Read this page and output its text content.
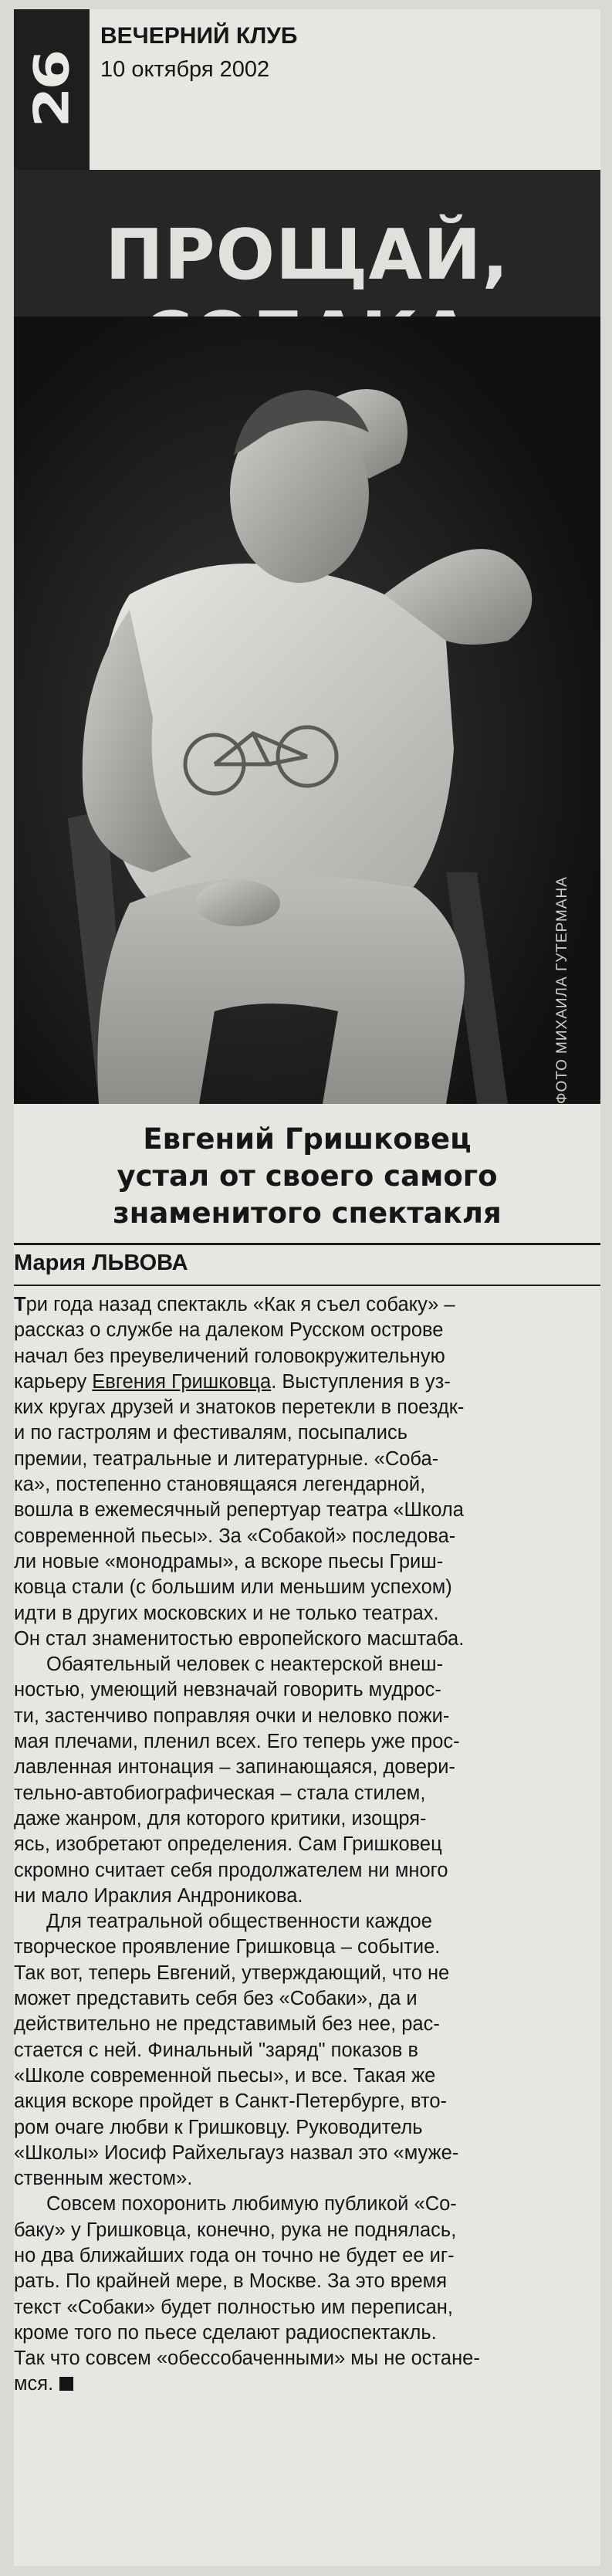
26
ВЕЧЕРНИЙ КЛУБ
10 октября 2002
ПРОЩАЙ,
ФОТО МИХАИЛА ГУТЕРМАНА
Евгений Гришковец
устал от своего самого
знаменитого спектакля
Мария ЛЬВОВА
Три года назад спектакль «Как я съел собаку» –
рассказ о службе на далеком Русском острове
начал без преувеличений головокружительную
карьеру Евгения Гришковца. Выступления в уз-
ких кругах друзей и знатоков перетекли в поездк-
и по гастролям и фестивалям, посыпались
премии, театральные и литературные. «Соба-
ка», постепенно становящаяся легендарной,
вошла в ежемесячный репертуар театра «Школа
современной пьесы». За «Собакой» последова-
ли новые «монодрамы», а вскоре пьесы Гриш-
ковца стали (с большим или меньшим успехом)
идти в других московских и не только театрах.
Он стал знаменитостью европейского масштаба.
Обаятельный человек с неактерской внеш-
ностью, умеющий невзначай говорить мудрос-
ти, застенчиво поправляя очки и неловко пожи-
мая плечами, пленил всех. Его теперь уже прос-
лавленная интонация – запинающаяся, довери-
тельно-автобиографическая – стала стилем,
даже жанром, для которого критики, изощря-
ясь, изобретают определения. Сам Гришковец
скромно считает себя продолжателем ни много
ни мало Ираклия Андроникова.
Для театральной общественности каждое
творческое проявление Гришковца – событие.
Так вот, теперь Евгений, утверждающий, что не
может представить себя без «Собаки», да и
действительно не представимый без нее, рас-
стается с ней. Финальный "заряд" показов в
«Школе современной пьесы», и все. Такая же
акция вскоре пройдет в Санкт-Петербурге, вто-
ром очаге любви к Гришковцу. Руководитель
«Школы» Иосиф Райхельгауз назвал это «муже-
ственным жестом».
Совсем похоронить любимую публикой «Со-
баку» у Гришковца, конечно, рука не поднялась,
но два ближайших года он точно не будет ее иг-
рать. По крайней мере, в Москве. За это время
текст «Собаки» будет полностью им переписан,
кроме того по пьесе сделают радиоспектакль.
Так что совсем «обессобаченными» мы не остане-
мся.
